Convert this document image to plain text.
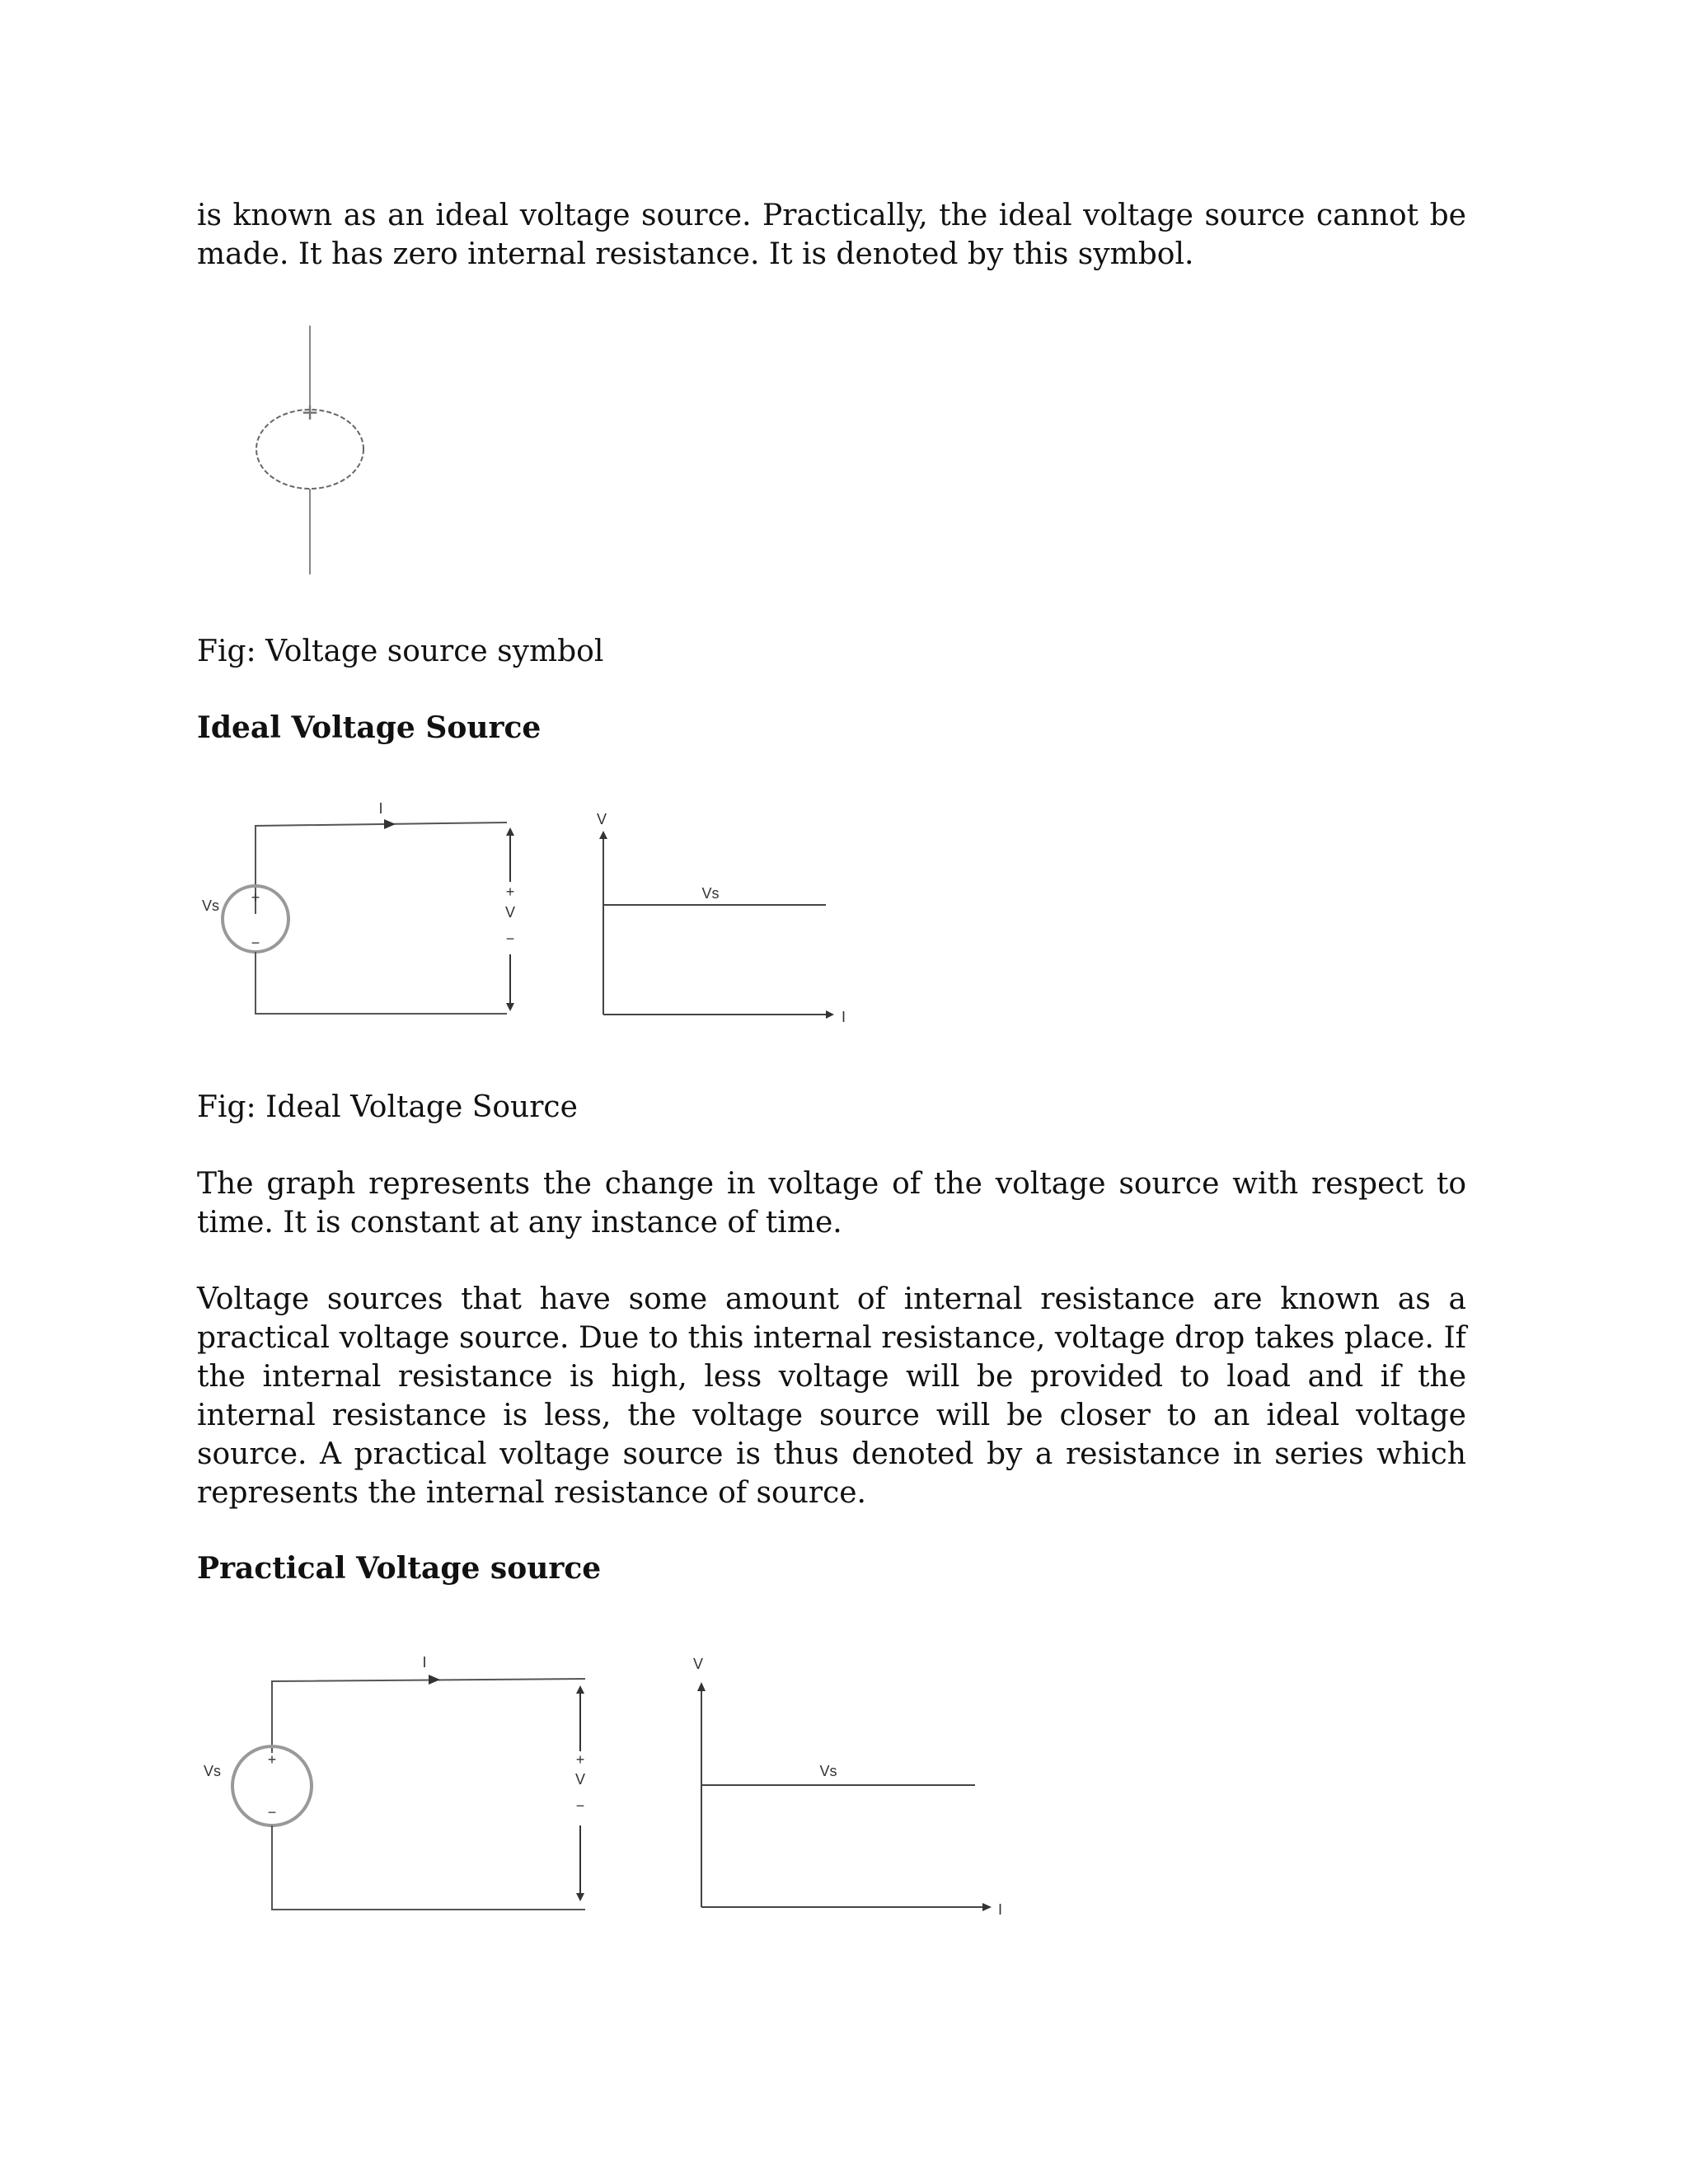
is known as an ideal voltage source. Practically, the ideal voltage source cannot be made. It has zero internal resistance. It is denoted by this symbol.

+
Fig: Voltage source symbol
Ideal Voltage Source
I
+
−
Vs
+
V
−
V
I
Vs
Fig: Ideal Voltage Source

The graph represents the change in voltage of the voltage source with respect to time. It is constant at any instance of time.

Voltage sources that have some amount of internal resistance are known as a practical voltage source. Due to this internal resistance, voltage drop takes place. If the internal resistance is high, less voltage will be provided to load and if the internal resistance is less, the voltage source will be closer to an ideal voltage source. A practical voltage source is thus denoted by a resistance in series which represents the internal resistance of source.

Practical Voltage source
I
+
−
Vs
+
V
−
V
I
Vs
